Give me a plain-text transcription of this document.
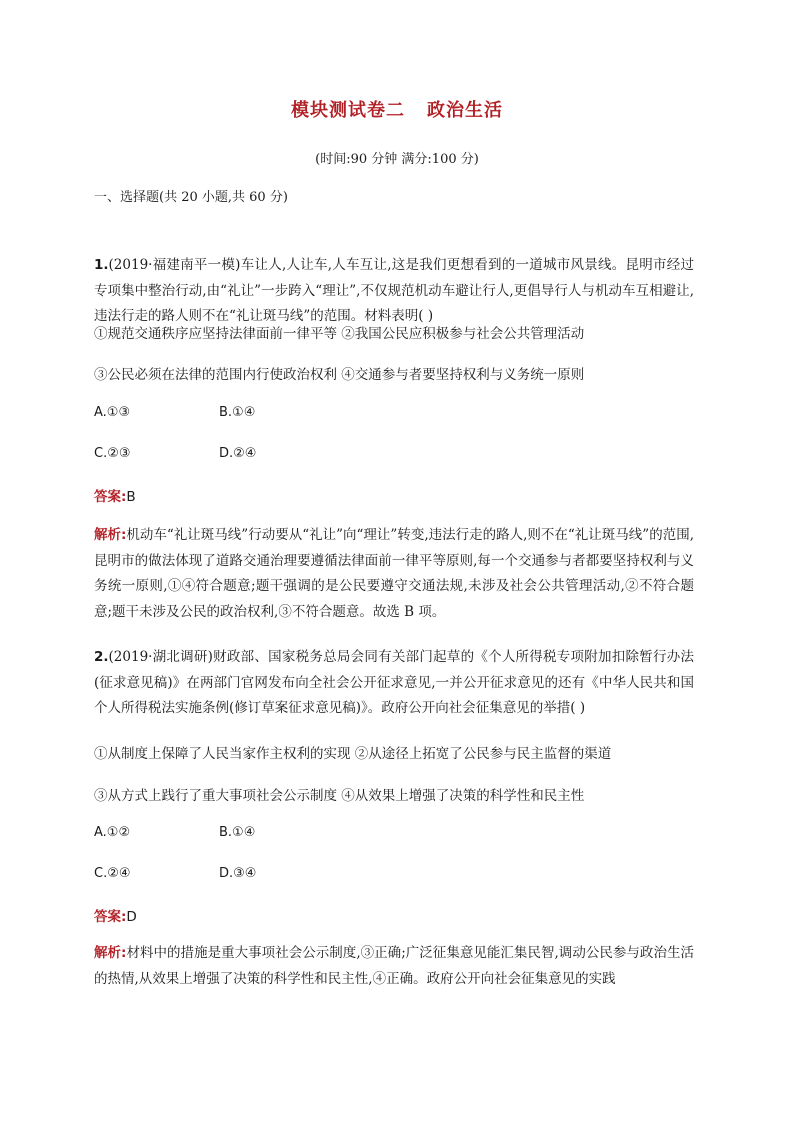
模块测试卷二 政治生活
(时间:90 分钟 满分:100 分)
一、选择题(共 20 小题,共 60 分)
1.(2019·福建南平一模)车让人,人让车,人车互让,这是我们更想看到的一道城市风景线。昆明市经过专项集中整治行动,由“礼让”一步跨入“理让”,不仅规范机动车避让行人,更倡导行人与机动车互相避让,违法行走的路人则不在“礼让斑马线”的范围。材料表明( )
①规范交通秩序应坚持法律面前一律平等 ②我国公民应积极参与社会公共管理活动
③公民必须在法律的范围内行使政治权利 ④交通参与者要坚持权利与义务统一原则
A.①③	B.①④
C.②③	D.②④
答案:B
解析:机动车“礼让斑马线”行动要从“礼让”向“理让”转变,违法行走的路人,则不在“礼让斑马线”的范围,昆明市的做法体现了道路交通治理要遵循法律面前一律平等原则,每一个交通参与者都要坚持权利与义务统一原则,①④符合题意;题干强调的是公民要遵守交通法规,未涉及社会公共管理活动,②不符合题意;题干未涉及公民的政治权利,③不符合题意。故选 B 项。
2.(2019·湖北调研)财政部、国家税务总局会同有关部门起草的《个人所得税专项附加扣除暂行办法(征求意见稿)》在两部门官网发布向全社会公开征求意见,一并公开征求意见的还有《中华人民共和国个人所得税法实施条例(修订草案征求意见稿)》。政府公开向社会征集意见的举措( )
①从制度上保障了人民当家作主权利的实现 ②从途径上拓宽了公民参与民主监督的渠道
③从方式上践行了重大事项社会公示制度 ④从效果上增强了决策的科学性和民主性
A.①②	B.①④
C.②④	D.③④
答案:D
解析:材料中的措施是重大事项社会公示制度,③正确;广泛征集意见能汇集民智,调动公民参与政治生活的热情,从效果上增强了决策的科学性和民主性,④正确。政府公开向社会征集意见的实践
